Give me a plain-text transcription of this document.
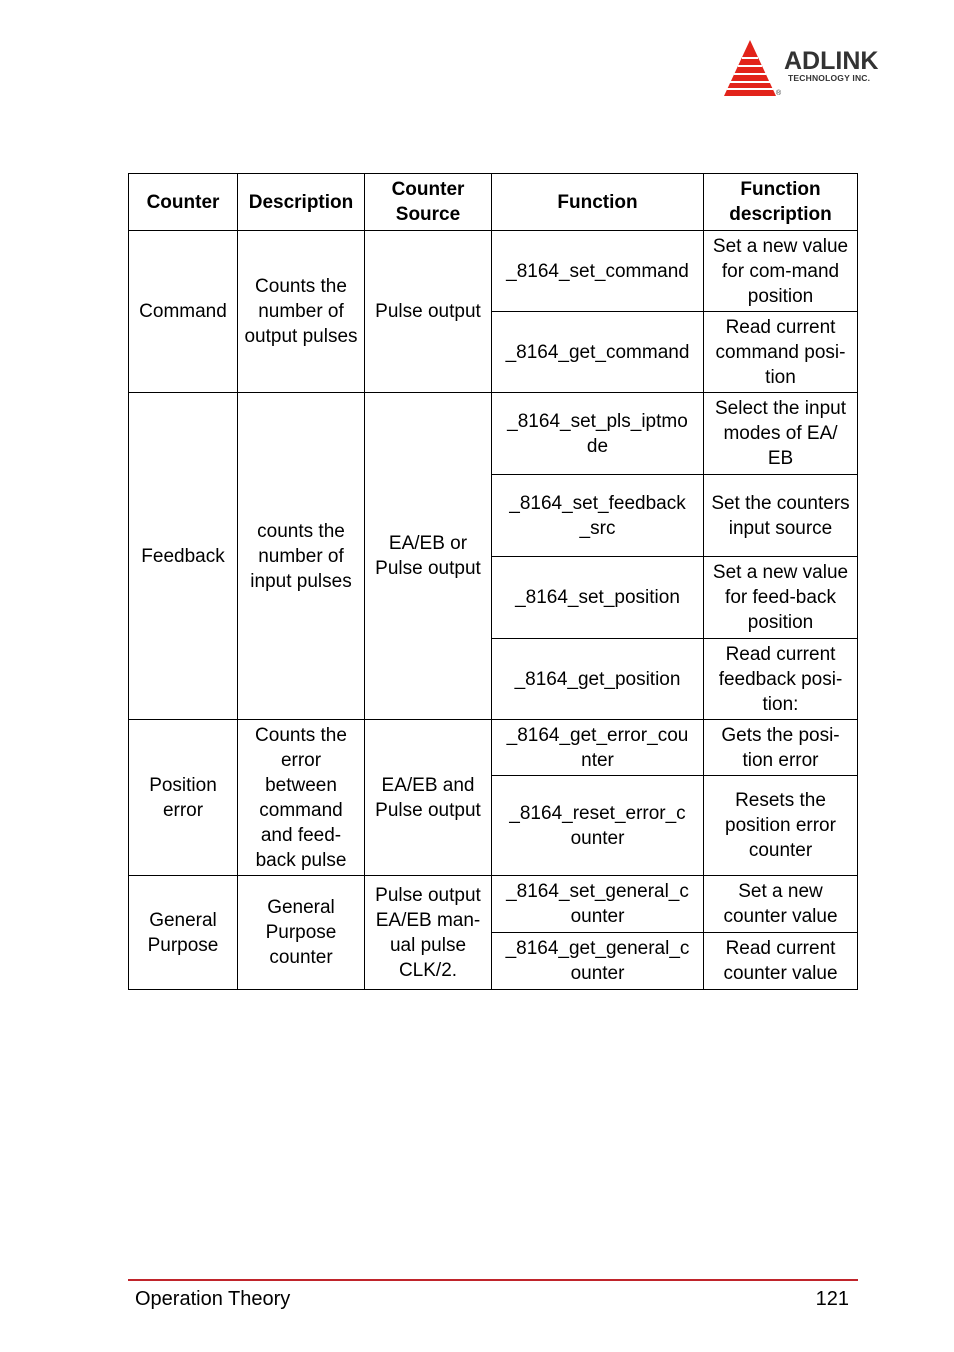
ADLINK
TECHNOLOGY INC.
®
Counter	Description	Counter Source	Function	Function description
Command	Counts the number of output pulses	Pulse output	_8164_set_command	Set a new value for com-mand position
			_8164_get_command	Read current command posi-tion
Feedback	counts the number of input pulses	EA/EB or Pulse output	_8164_set_pls_iptmo de	Select the input modes of EA/ EB
			_8164_set_feedback _src	Set the counters input source
			_8164_set_position	Set a new value for feed-back position
			_8164_get_position	Read current feedback posi-tion:
Position error	Counts the error between command and feed-back pulse	EA/EB and Pulse output	_8164_get_error_cou nter	Gets the posi-tion error
			_8164_reset_error_c ounter	Resets the position error counter
General Purpose	General Purpose counter	Pulse output EA/EB man-ual pulse CLK/2.	_8164_set_general_c ounter	Set a new counter value
			_8164_get_general_c ounter	Read current counter value
Operation Theory	121
